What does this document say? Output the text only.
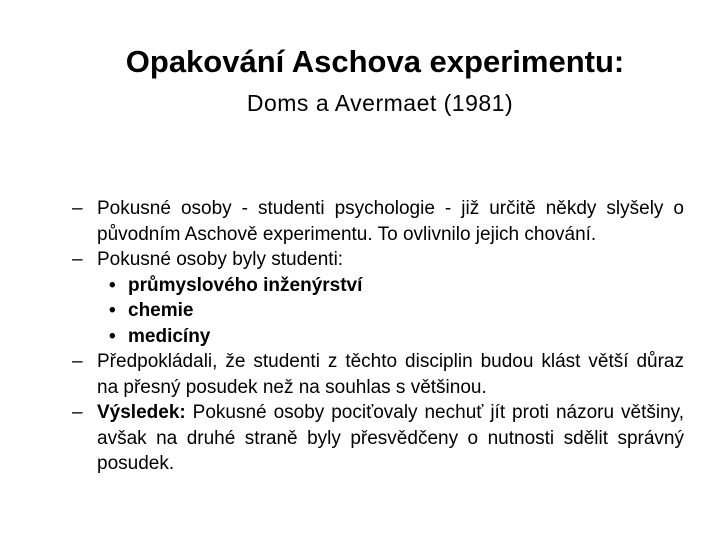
Opakování Aschova experimentu:
Doms a Avermaet (1981)
– Pokusné osoby - studenti psychologie - již určitě někdy slyšely o původním Aschově experimentu. To ovlivnilo jejich chování.
– Pokusné osoby byly studenti:
• průmyslového inženýrství
• chemie
• medicíny
– Předpokládali, že studenti z těchto disciplin budou klást větší důraz na přesný posudek než na souhlas s většinou.
– Výsledek: Pokusné osoby pociťovaly nechuť jít proti názoru většiny, avšak na druhé straně byly přesvědčeny o nutnosti sdělit správný posudek.
